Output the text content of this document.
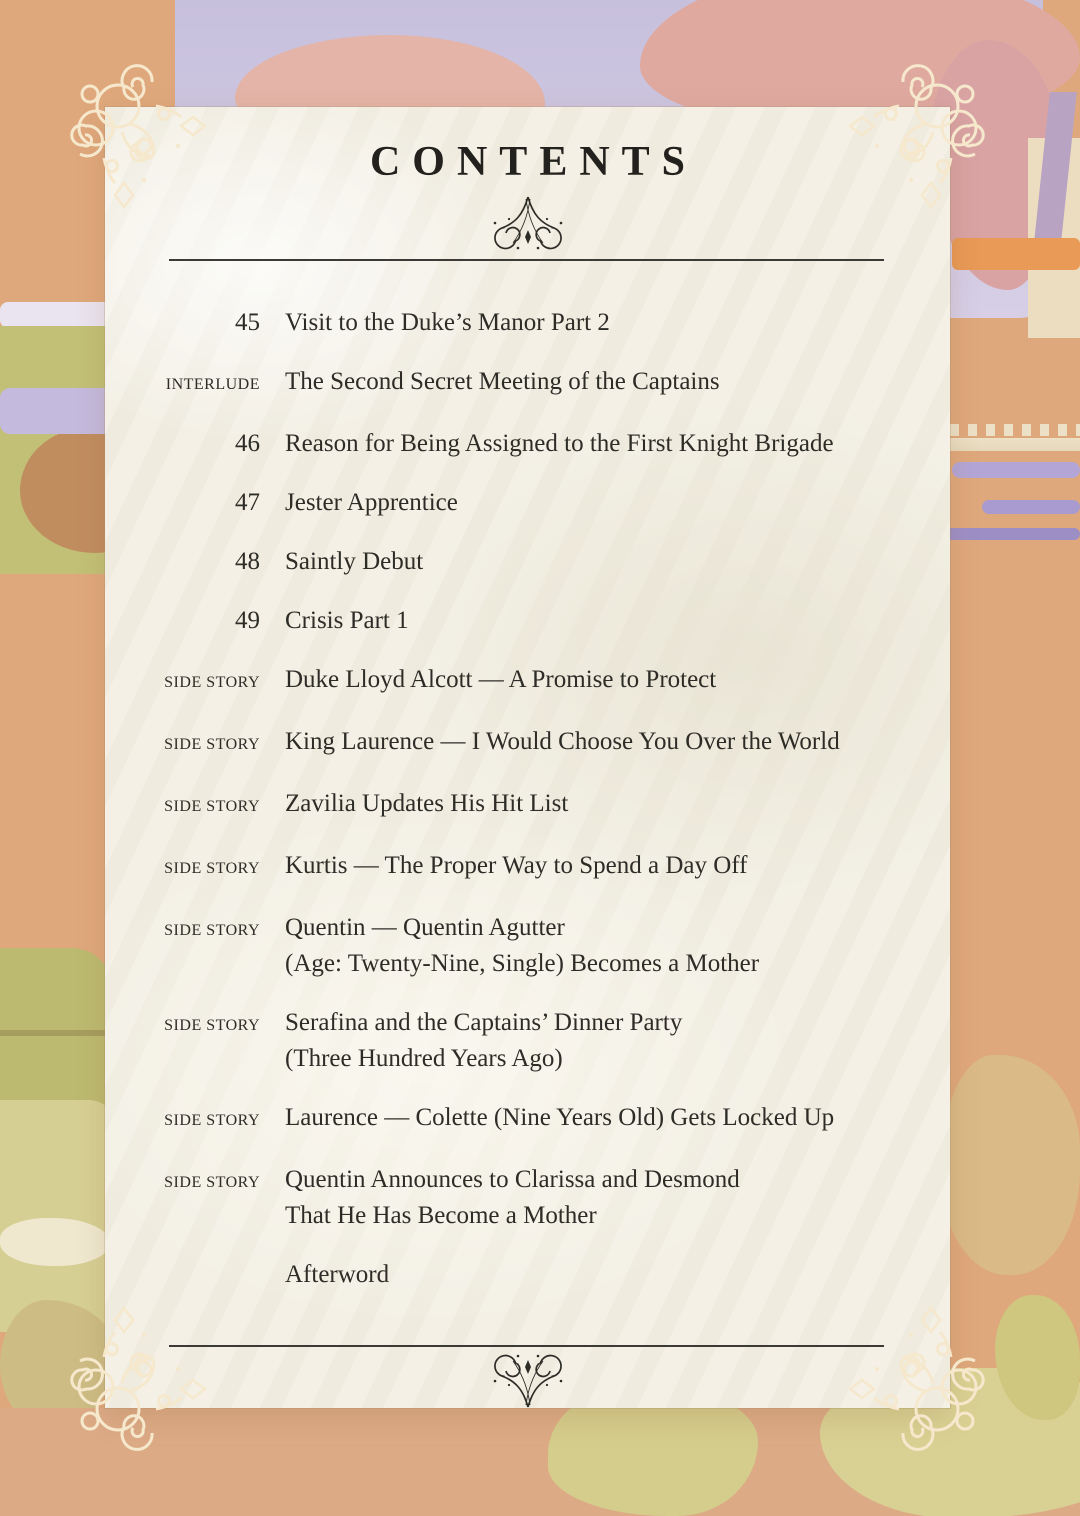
CONTENTS
45 Visit to the Duke’s Manor Part 2
INTERLUDE The Second Secret Meeting of the Captains
46 Reason for Being Assigned to the First Knight Brigade
47 Jester Apprentice
48 Saintly Debut
49 Crisis Part 1
SIDE STORY Duke Lloyd Alcott — A Promise to Protect
SIDE STORY King Laurence — I Would Choose You Over the World
SIDE STORY Zavilia Updates His Hit List
SIDE STORY Kurtis — The Proper Way to Spend a Day Off
SIDE STORY Quentin — Quentin Agutter
(Age: Twenty-Nine, Single) Becomes a Mother
SIDE STORY Serafina and the Captains’ Dinner Party
(Three Hundred Years Ago)
SIDE STORY Laurence — Colette (Nine Years Old) Gets Locked Up
SIDE STORY Quentin Announces to Clarissa and Desmond
That He Has Become a Mother
Afterword
